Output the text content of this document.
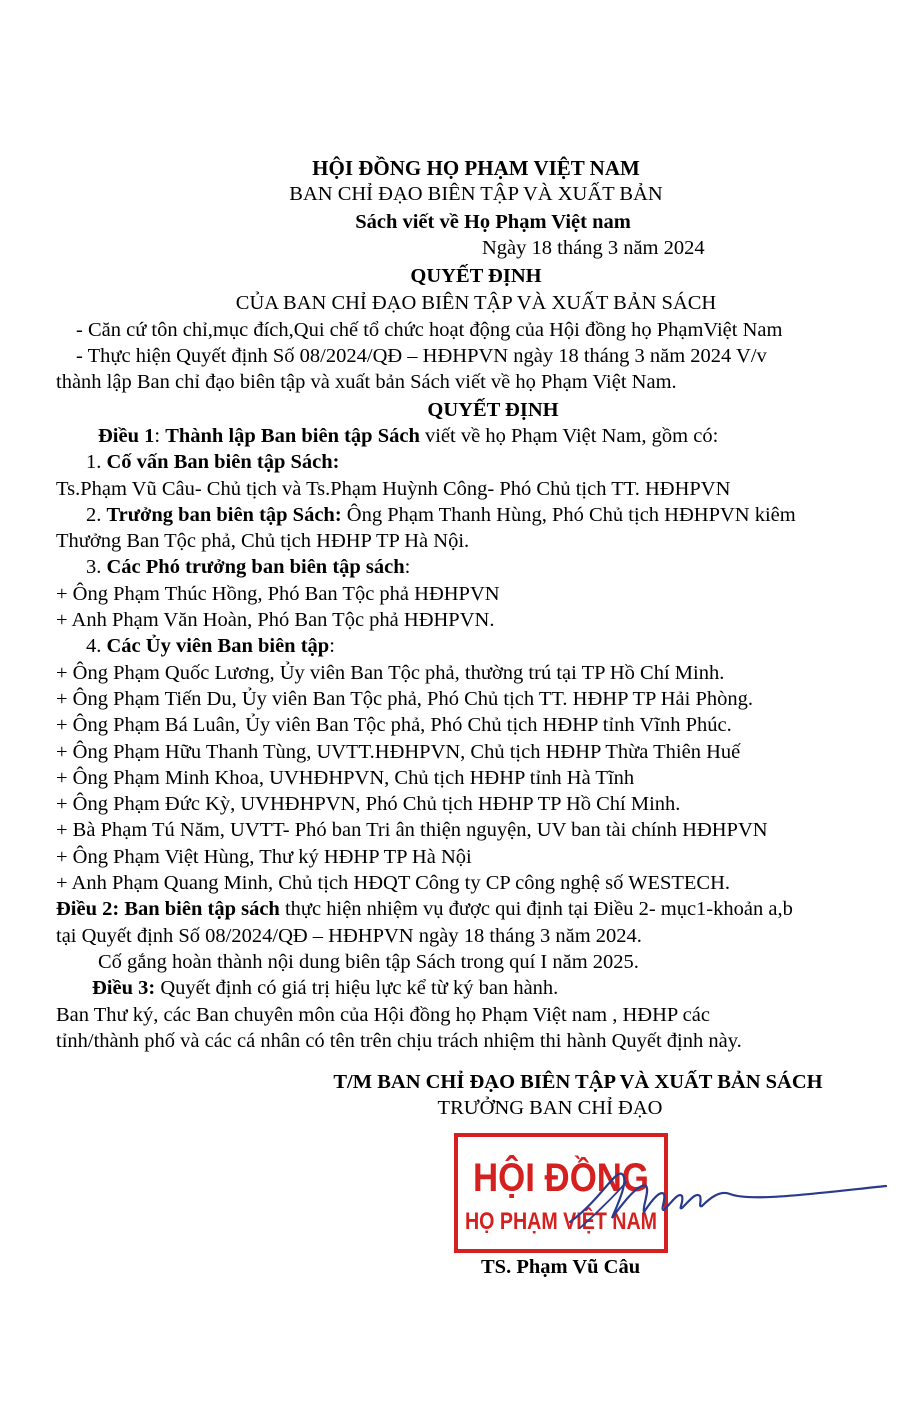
HỘI ĐỒNG HỌ PHẠM VIỆT NAM
BAN CHỈ ĐẠO BIÊN TẬP VÀ XUẤT BẢN
Sách viết về Họ Phạm Việt nam
Ngày 18 tháng 3 năm 2024
QUYẾT ĐỊNH
CỦA BAN CHỈ ĐẠO BIÊN TẬP VÀ XUẤT BẢN SÁCH
- Căn cứ tôn chỉ,mục đích,Qui chế tổ chức hoạt động của Hội đồng họ PhạmViệt Nam
- Thực hiện Quyết định Số 08/2024/QĐ – HĐHPVN ngày 18 tháng 3 năm 2024 V/v
thành lập Ban chỉ đạo biên tập và xuất bản Sách viết về họ Phạm Việt Nam.
QUYẾT ĐỊNH
Điều 1: Thành lập Ban biên tập Sách viết về họ Phạm Việt Nam, gồm có:
1. Cố vấn Ban biên tập Sách:
Ts.Phạm Vũ Câu- Chủ tịch và Ts.Phạm Huỳnh Công- Phó Chủ tịch TT. HĐHPVN
2. Trưởng ban biên tập Sách: Ông Phạm Thanh Hùng, Phó Chủ tịch HĐHPVN kiêm
Thưởng Ban Tộc phả, Chủ tịch HĐHP TP Hà Nội.
3. Các Phó trưởng ban biên tập sách:
+ Ông Phạm Thúc Hồng, Phó Ban Tộc phả HĐHPVN
+ Anh Phạm Văn Hoàn, Phó Ban Tộc phả HĐHPVN.
4. Các Ủy viên Ban biên tập:
+ Ông Phạm Quốc Lương, Ủy viên Ban Tộc phả, thường trú tại TP Hồ Chí Minh.
+ Ông Phạm Tiến Du, Ủy viên Ban Tộc phả, Phó Chủ tịch TT. HĐHP TP Hải Phòng.
+ Ông Phạm Bá Luân, Ủy viên Ban Tộc phả, Phó Chủ tịch HĐHP tỉnh Vĩnh Phúc.
+ Ông Phạm Hữu Thanh Tùng, UVTT.HĐHPVN, Chủ tịch HĐHP Thừa Thiên Huế
+ Ông Phạm Minh Khoa, UVHĐHPVN, Chủ tịch HĐHP tỉnh Hà Tĩnh
+ Ông Phạm Đức Kỳ, UVHĐHPVN, Phó Chủ tịch HĐHP TP Hồ Chí Minh.
+ Bà Phạm Tú Năm, UVTT- Phó ban Tri ân thiện nguyện, UV ban tài chính HĐHPVN
+ Ông Phạm Việt Hùng, Thư ký HĐHP TP Hà Nội
+ Anh Phạm Quang Minh, Chủ tịch HĐQT Công ty CP công nghệ số WESTECH.
Điều 2: Ban biên tập sách thực hiện nhiệm vụ được qui định tại Điều 2- mục1-khoản a,b
tại Quyết định Số 08/2024/QĐ – HĐHPVN ngày 18 tháng 3 năm 2024.
Cố gắng hoàn thành nội dung biên tập Sách trong quí I năm 2025.
Điều 3: Quyết định có giá trị hiệu lực kể từ ký ban hành.
Ban Thư ký, các Ban chuyên môn của Hội đồng họ Phạm Việt nam , HĐHP các
tỉnh/thành phố và các cá nhân có tên trên chịu trách nhiệm thi hành Quyết định này.
T/M BAN CHỈ ĐẠO BIÊN TẬP VÀ XUẤT BẢN SÁCH
TRƯỞNG BAN CHỈ ĐẠO
HỘI ĐỒNG
HỌ PHẠM VIỆT NAM
TS. Phạm Vũ Câu
